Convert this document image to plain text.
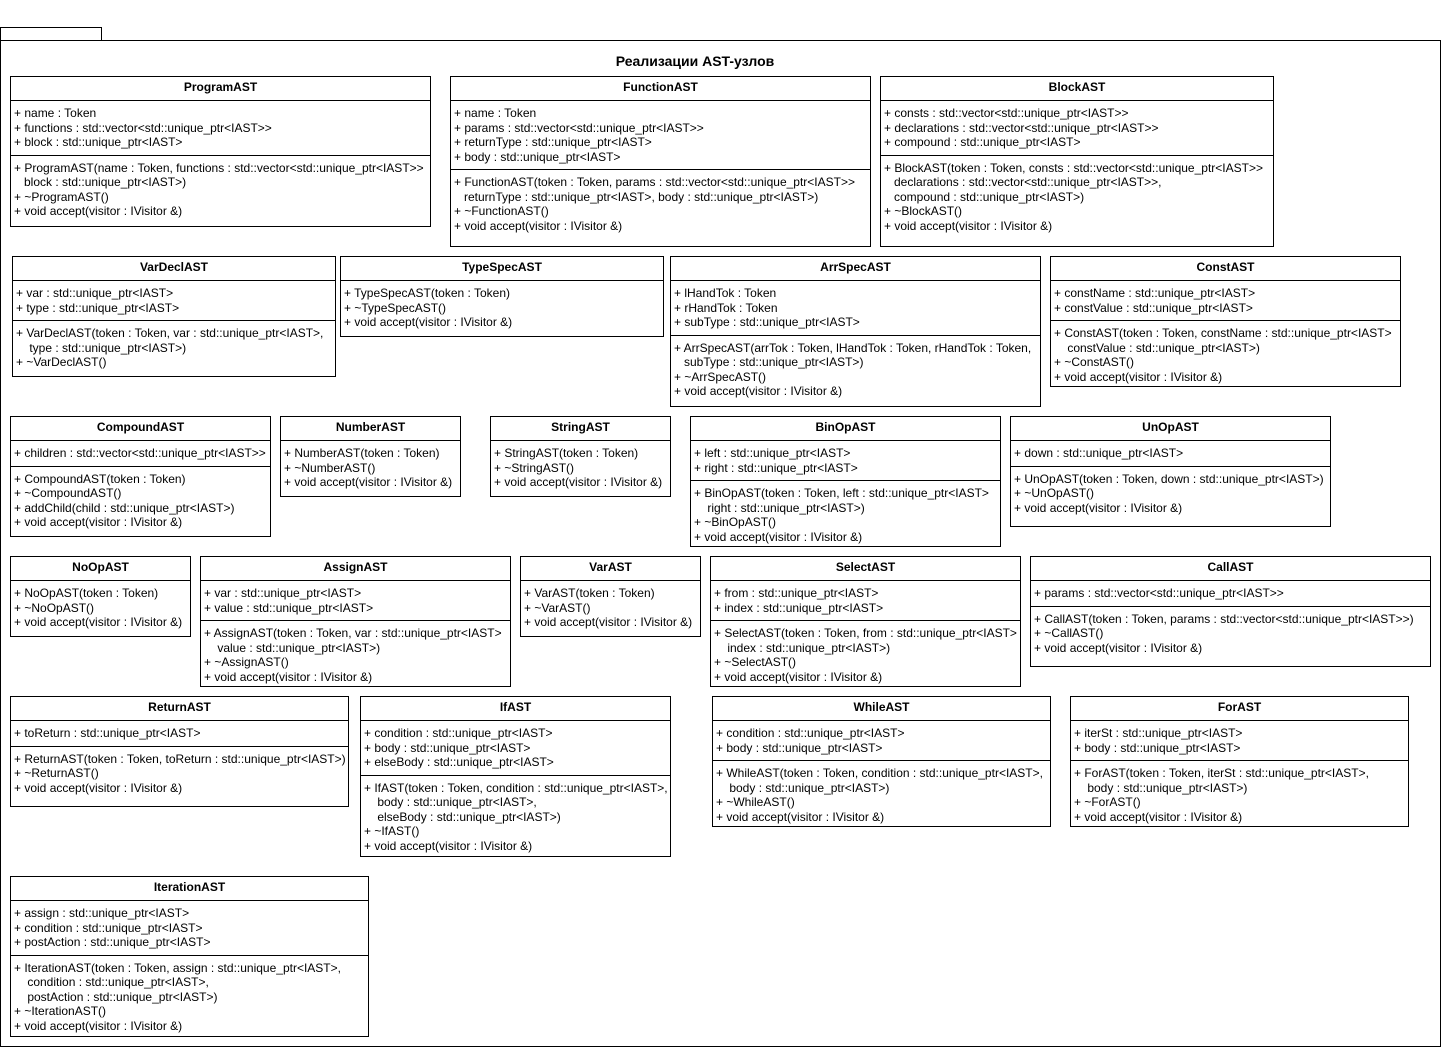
Реализации AST-узлов
ProgramAST
+ name : Token
+ functions : std::vector<std::unique_ptr<IAST>>
+ block : std::unique_ptr<IAST>
+ ProgramAST(name : Token, functions : std::vector<std::unique_ptr<IAST>>
block : std::unique_ptr<IAST>)
+ ~ProgramAST()
+ void accept(visitor : IVisitor &)
FunctionAST
+ name : Token
+ params : std::vector<std::unique_ptr<IAST>>
+ returnType : std::unique_ptr<IAST>
+ body : std::unique_ptr<IAST>
+ FunctionAST(token : Token, params : std::vector<std::unique_ptr<IAST>>
returnType : std::unique_ptr<IAST>, body : std::unique_ptr<IAST>)
+ ~FunctionAST()
+ void accept(visitor : IVisitor &)
BlockAST
+ consts : std::vector<std::unique_ptr<IAST>>
+ declarations : std::vector<std::unique_ptr<IAST>>
+ compound : std::unique_ptr<IAST>
+ BlockAST(token : Token, consts : std::vector<std::unique_ptr<IAST>>
declarations : std::vector<std::unique_ptr<IAST>>,
compound : std::unique_ptr<IAST>)
+ ~BlockAST()
+ void accept(visitor : IVisitor &)
VarDeclAST
+ var : std::unique_ptr<IAST>
+ type : std::unique_ptr<IAST>
+ VarDeclAST(token : Token, var : std::unique_ptr<IAST>,
type : std::unique_ptr<IAST>)
+ ~VarDeclAST()
TypeSpecAST
+ TypeSpecAST(token : Token)
+ ~TypeSpecAST()
+ void accept(visitor : IVisitor &)
ArrSpecAST
+ lHandTok : Token
+ rHandTok : Token
+ subType : std::unique_ptr<IAST>
+ ArrSpecAST(arrTok : Token, lHandTok : Token, rHandTok : Token,
subType : std::unique_ptr<IAST>)
+ ~ArrSpecAST()
+ void accept(visitor : IVisitor &)
ConstAST
+ constName : std::unique_ptr<IAST>
+ constValue : std::unique_ptr<IAST>
+ ConstAST(token : Token, constName : std::unique_ptr<IAST>
constValue : std::unique_ptr<IAST>)
+ ~ConstAST()
+ void accept(visitor : IVisitor &)
CompoundAST
+ children : std::vector<std::unique_ptr<IAST>>
+ CompoundAST(token : Token)
+ ~CompoundAST()
+ addChild(child : std::unique_ptr<IAST>)
+ void accept(visitor : IVisitor &)
NumberAST
+ NumberAST(token : Token)
+ ~NumberAST()
+ void accept(visitor : IVisitor &)
StringAST
+ StringAST(token : Token)
+ ~StringAST()
+ void accept(visitor : IVisitor &)
BinOpAST
+ left : std::unique_ptr<IAST>
+ right : std::unique_ptr<IAST>
+ BinOpAST(token : Token, left : std::unique_ptr<IAST>
right : std::unique_ptr<IAST>)
+ ~BinOpAST()
+ void accept(visitor : IVisitor &)
UnOpAST
+ down : std::unique_ptr<IAST>
+ UnOpAST(token : Token, down : std::unique_ptr<IAST>)
+ ~UnOpAST()
+ void accept(visitor : IVisitor &)
NoOpAST
+ NoOpAST(token : Token)
+ ~NoOpAST()
+ void accept(visitor : IVisitor &)
AssignAST
+ var : std::unique_ptr<IAST>
+ value : std::unique_ptr<IAST>
+ AssignAST(token : Token, var : std::unique_ptr<IAST>
value : std::unique_ptr<IAST>)
+ ~AssignAST()
+ void accept(visitor : IVisitor &)
VarAST
+ VarAST(token : Token)
+ ~VarAST()
+ void accept(visitor : IVisitor &)
SelectAST
+ from : std::unique_ptr<IAST>
+ index : std::unique_ptr<IAST>
+ SelectAST(token : Token, from : std::unique_ptr<IAST>
index : std::unique_ptr<IAST>)
+ ~SelectAST()
+ void accept(visitor : IVisitor &)
CallAST
+ params : std::vector<std::unique_ptr<IAST>>
+ CallAST(token : Token, params : std::vector<std::unique_ptr<IAST>>)
+ ~CallAST()
+ void accept(visitor : IVisitor &)
ReturnAST
+ toReturn : std::unique_ptr<IAST>
+ ReturnAST(token : Token, toReturn : std::unique_ptr<IAST>)
+ ~ReturnAST()
+ void accept(visitor : IVisitor &)
IfAST
+ condition : std::unique_ptr<IAST>
+ body : std::unique_ptr<IAST>
+ elseBody : std::unique_ptr<IAST>
+ IfAST(token : Token, condition : std::unique_ptr<IAST>,
body : std::unique_ptr<IAST>,
elseBody : std::unique_ptr<IAST>)
+ ~IfAST()
+ void accept(visitor : IVisitor &)
WhileAST
+ condition : std::unique_ptr<IAST>
+ body : std::unique_ptr<IAST>
+ WhileAST(token : Token, condition : std::unique_ptr<IAST>,
body : std::unique_ptr<IAST>)
+ ~WhileAST()
+ void accept(visitor : IVisitor &)
ForAST
+ iterSt : std::unique_ptr<IAST>
+ body : std::unique_ptr<IAST>
+ ForAST(token : Token, iterSt : std::unique_ptr<IAST>,
body : std::unique_ptr<IAST>)
+ ~ForAST()
+ void accept(visitor : IVisitor &)
IterationAST
+ assign : std::unique_ptr<IAST>
+ condition : std::unique_ptr<IAST>
+ postAction : std::unique_ptr<IAST>
+ IterationAST(token : Token, assign : std::unique_ptr<IAST>,
condition : std::unique_ptr<IAST>,
postAction : std::unique_ptr<IAST>)
+ ~IterationAST()
+ void accept(visitor : IVisitor &)
